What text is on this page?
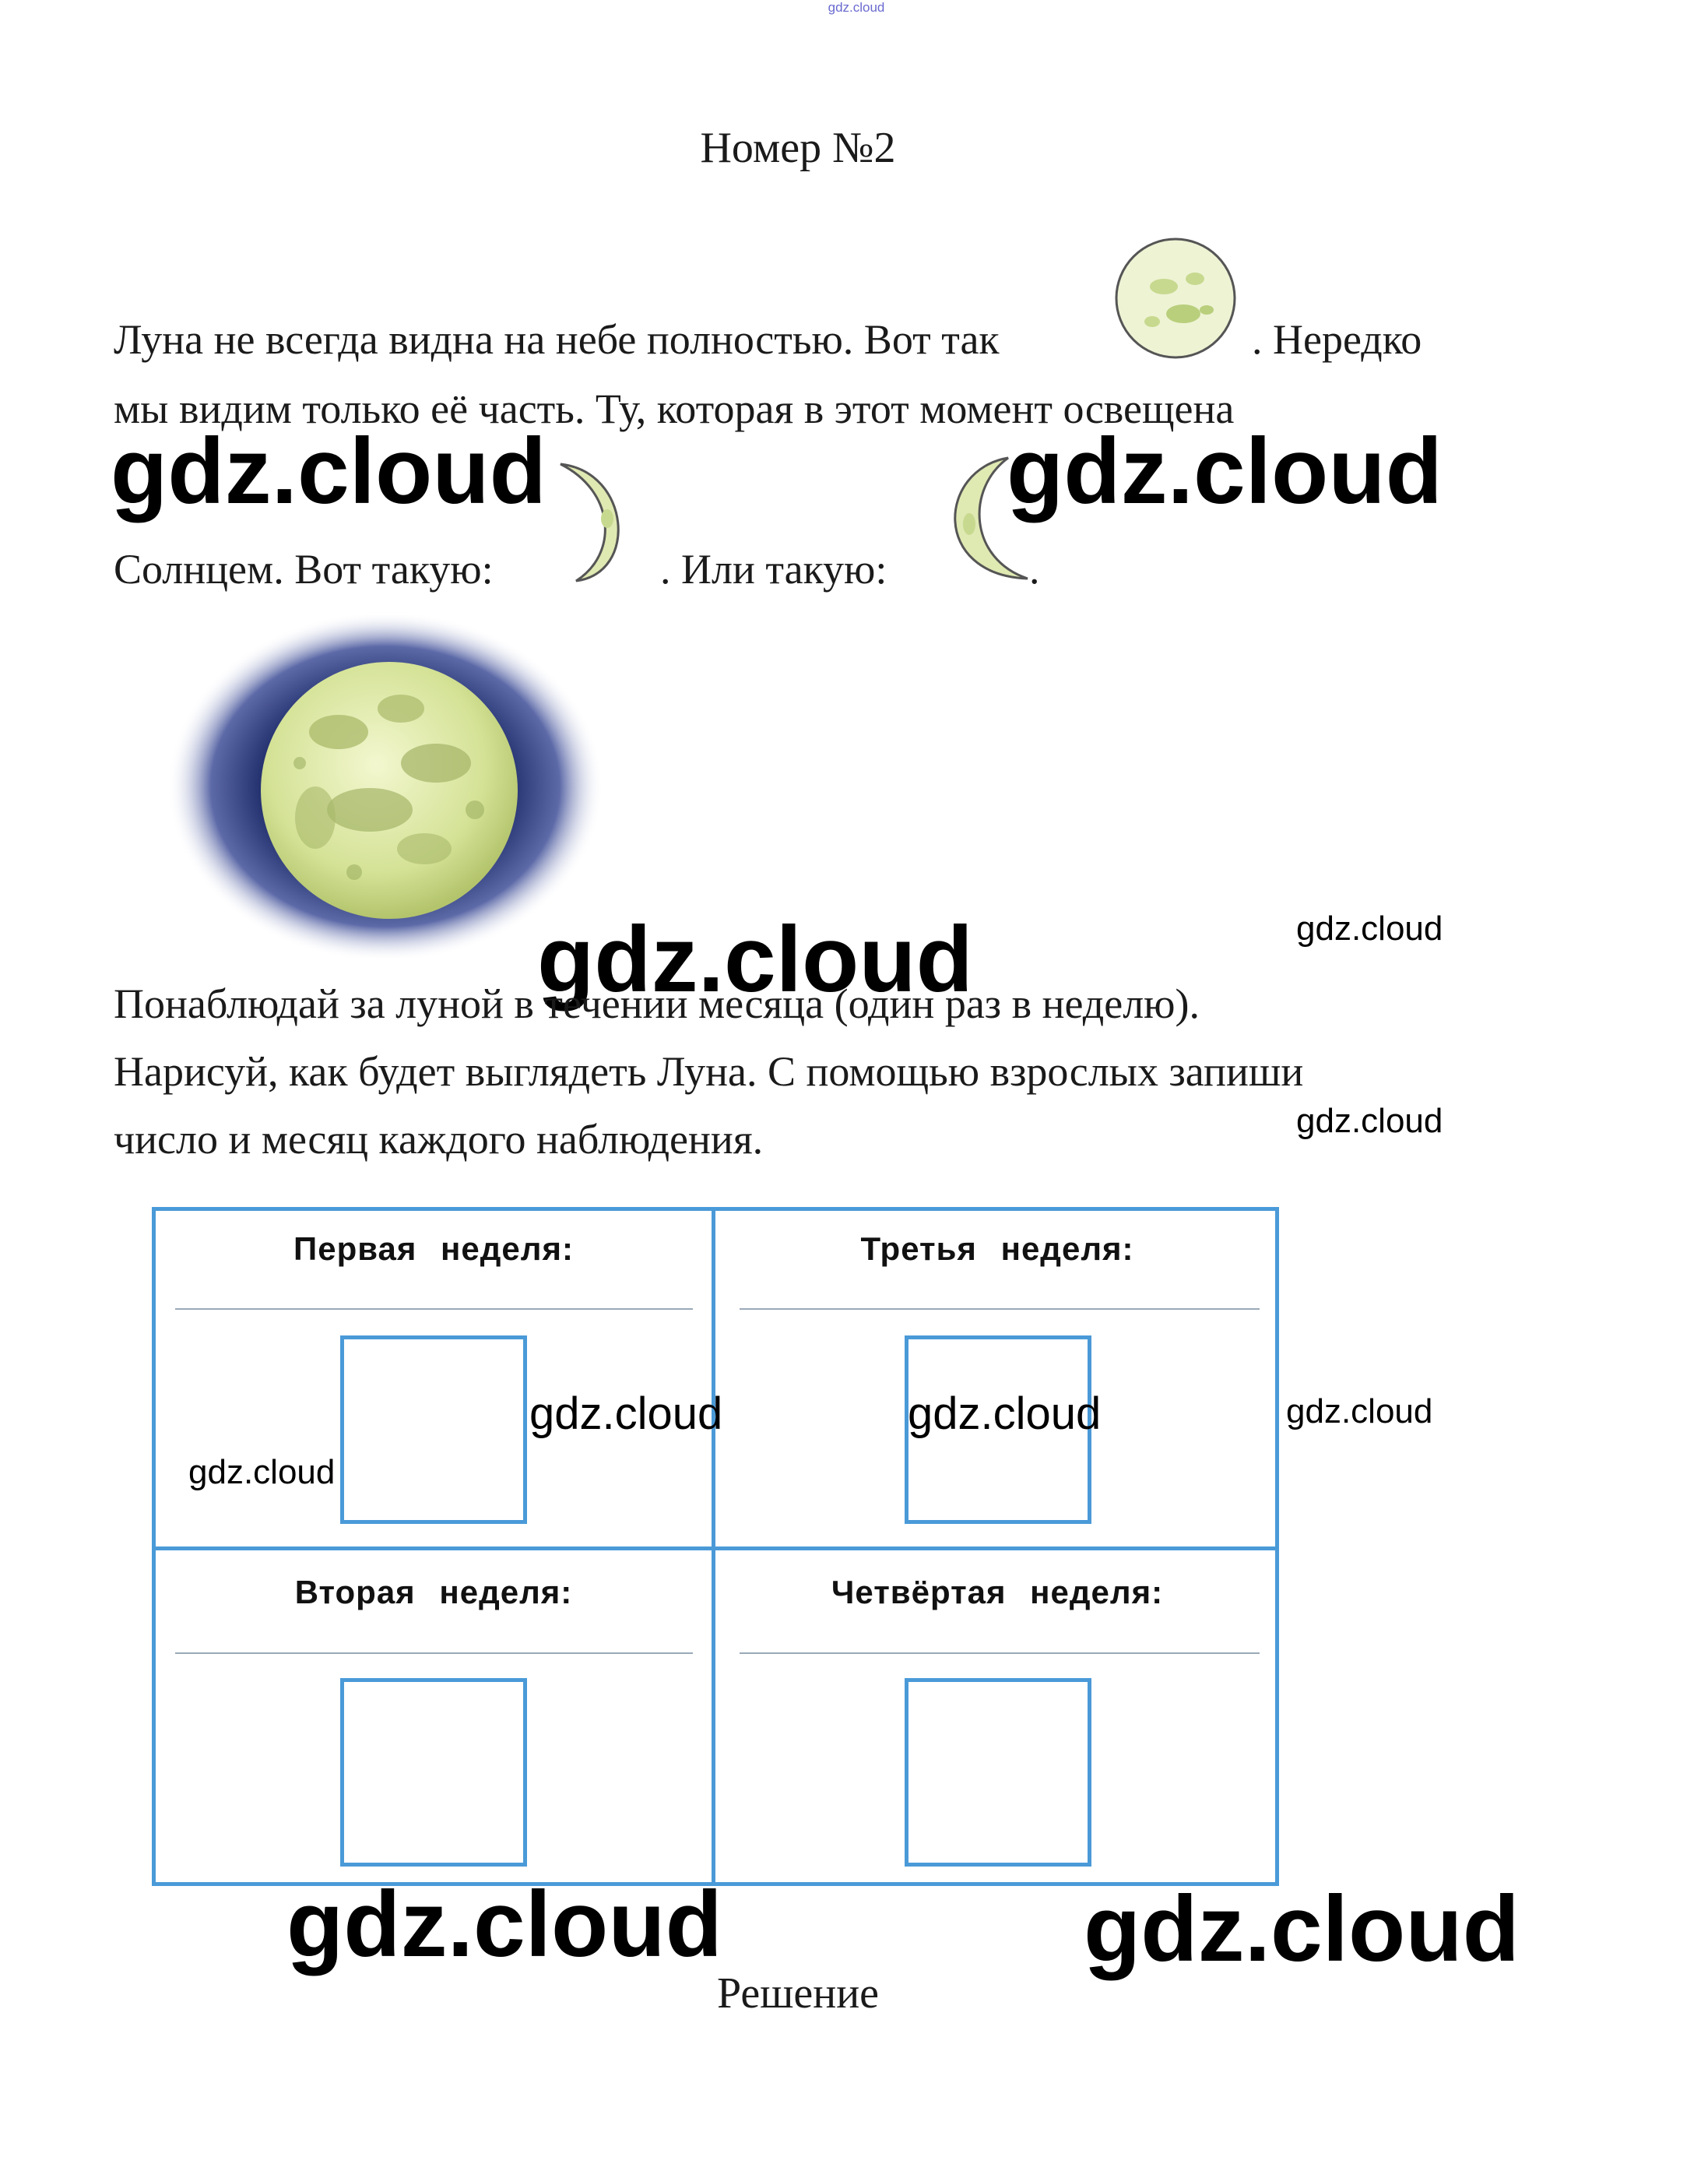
gdz.cloud
Номер №2
Луна не всегда видна на небе полностью. Вот так	. Нередко
мы видим только её часть. Ту, которая в этот момент освещена
gdz.cloud	gdz.cloud
Солнцем. Вот такую:	. Или такую:	.
gdz.cloud	gdz.cloud
Понаблюдай за луной в течении месяца (один раз в неделю).
Нарисуй, как будет выглядеть Луна. С помощью взрослых запиши
число и месяц каждого наблюдения.	gdz.cloud
Первая неделя:	Третья неделя:
Вторая неделя:	Четвёртая неделя:
gdz.cloud	gdz.cloud	gdz.cloud
gdz.cloud
gdz.cloud	gdz.cloud
Решение
